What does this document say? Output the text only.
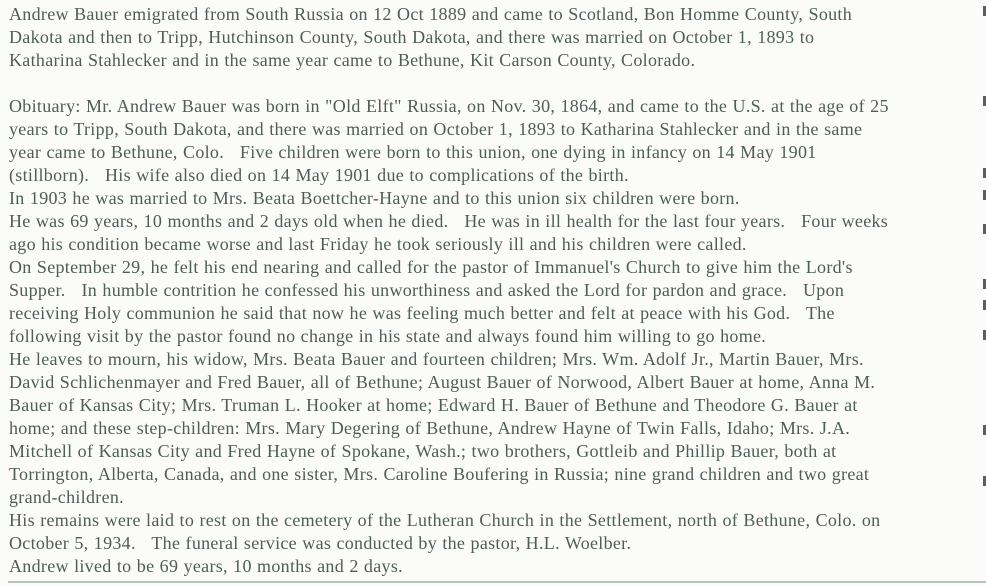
Andrew Bauer emigrated from South Russia on 12 Oct 1889 and came to Scotland, Bon Homme County, South
Dakota and then to Tripp, Hutchinson County, South Dakota, and there was married on October 1, 1893 to
Katharina Stahlecker and in the same year came to Bethune, Kit Carson County, Colorado.
Obituary: Mr. Andrew Bauer was born in "Old Elft" Russia, on Nov. 30, 1864, and came to the U.S. at the age of 25
years to Tripp, South Dakota, and there was married on October 1, 1893 to Katharina Stahlecker and in the same
year came to Bethune, Colo.   Five children were born to this union, one dying in infancy on 14 May 1901
(stillborn).   His wife also died on 14 May 1901 due to complications of the birth.
In 1903 he was married to Mrs. Beata Boettcher-Hayne and to this union six children were born.
He was 69 years, 10 months and 2 days old when he died.   He was in ill health for the last four years.   Four weeks
ago his condition became worse and last Friday he took seriously ill and his children were called.
On September 29, he felt his end nearing and called for the pastor of Immanuel's Church to give him the Lord's
Supper.   In humble contrition he confessed his unworthiness and asked the Lord for pardon and grace.   Upon
receiving Holy communion he said that now he was feeling much better and felt at peace with his God.   The
following visit by the pastor found no change in his state and always found him willing to go home.
He leaves to mourn, his widow, Mrs. Beata Bauer and fourteen children; Mrs. Wm. Adolf Jr., Martin Bauer, Mrs.
David Schlichenmayer and Fred Bauer, all of Bethune; August Bauer of Norwood, Albert Bauer at home, Anna M.
Bauer of Kansas City; Mrs. Truman L. Hooker at home; Edward H. Bauer of Bethune and Theodore G. Bauer at
home; and these step-children: Mrs. Mary Degering of Bethune, Andrew Hayne of Twin Falls, Idaho; Mrs. J.A.
Mitchell of Kansas City and Fred Hayne of Spokane, Wash.; two brothers, Gottleib and Phillip Bauer, both at
Torrington, Alberta, Canada, and one sister, Mrs. Caroline Boufering in Russia; nine grand children and two great
grand-children.
His remains were laid to rest on the cemetery of the Lutheran Church in the Settlement, north of Bethune, Colo. on
October 5, 1934.   The funeral service was conducted by the pastor, H.L. Woelber.
Andrew lived to be 69 years, 10 months and 2 days.
